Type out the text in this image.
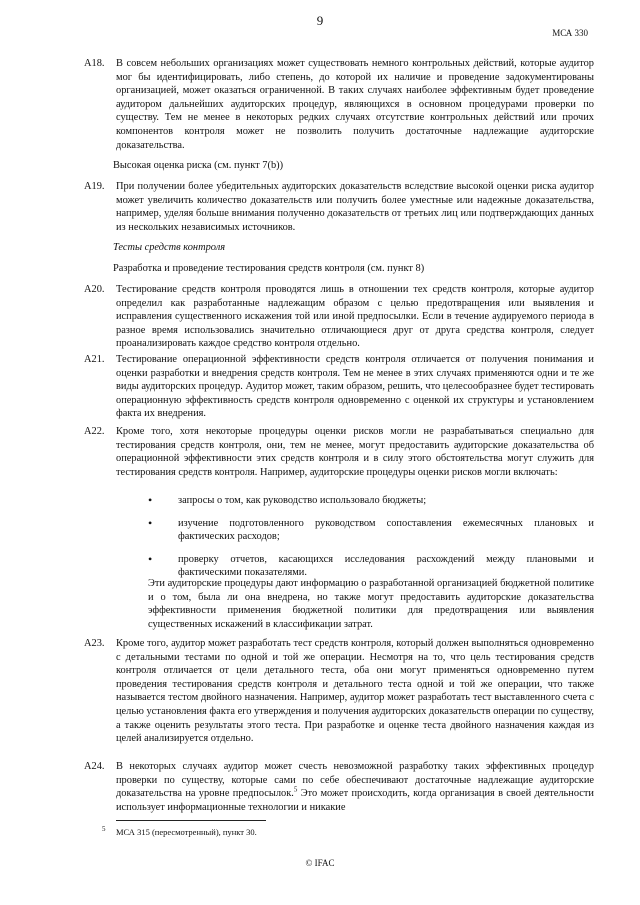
9
МСА 330
A18. В совсем небольших организациях может существовать немного контрольных действий, которые аудитор мог бы идентифицировать, либо степень, до которой их наличие и проведение задокументированы организацией, может оказаться ограниченной. В таких случаях наиболее эффективным будет проведение аудитором дальнейших аудиторских процедур, являющихся в основном процедурами проверки по существу. Тем не менее в некоторых редких случаях отсутствие контрольных действий или прочих компонентов контроля может не позволить получить достаточные надлежащие аудиторские доказательства.

Высокая оценка риска (см. пункт 7(b))
A19. При получении более убедительных аудиторских доказательств вследствие высокой оценки риска аудитор может увеличить количество доказательств или получить более уместные или надежные доказательства, например, уделяя больше внимания полученно доказательств от третьих лиц или подтверждающих данных из нескольких независимых источников.

Тесты средств контроля
Разработка и проведение тестирования средств контроля (см. пункт 8)
A20. Тестирование средств контроля проводятся лишь в отношении тех средств контроля, которые аудитор определил как разработанные надлежащим образом с целью предотвращения или выявления и исправления существенного искажения той или иной предпосылки. Если в течение аудируемого периода в разное время использовались значительно отличающиеся друг от друга средства контроля, следует проанализировать каждое средство контроля отдельно.

A21. Тестирование операционной эффективности средств контроля отличается от получения понимания и оценки разработки и внедрения средств контроля. Тем не менее в этих случаях применяются одни и те же виды аудиторских процедур. Аудитор может, таким образом, решить, что целесообразнее будет тестировать операционную эффективность средств контроля одновременно с оценкой их структуры и установлением факта их внедрения.

A22. Кроме того, хотя некоторые процедуры оценки рисков могли не разрабатываться специально для тестирования средств контроля, они, тем не менее, могут предоставить аудиторские доказательства об операционной эффективности этих средств контроля и в силу этого обстоятельства могут служить для тестирования средств контроля. Например, аудиторские процедуры оценки рисков могли включать:

• запросы о том, как руководство использовало бюджеты;
• изучение подготовленного руководством сопоставления ежемесячных плановых и фактических расходов;
• проверку отчетов, касающихся исследования расхождений между плановыми и фактическими показателями.
Эти аудиторские процедуры дают информацию о разработанной организацией бюджетной политике и о том, была ли она внедрена, но также могут предоставить аудиторские доказательства эффективности применения бюджетной политики для предотвращения или выявления существенных искажений в классификации затрат.
A23. Кроме того, аудитор может разработать тест средств контроля, который должен выполняться одновременно с детальными тестами по одной и той же операции. Несмотря на то, что цель тестирования средств контроля отличается от цели детального теста, оба они могут применяться одновременно путем проведения тестирования средств контроля и детального теста одной и той же операции, что также называется тестом двойного назначения. Например, аудитор может разработать тест выставленного счета с целью установления факта его утверждения и получения аудиторских доказательств операции по существу, а также оценить результаты этого теста. При разработке и оценке теста двойного назначения каждая из целей анализируется отдельно.

A24. В некоторых случаях аудитор может счесть невозможной разработку таких эффективных процедур проверки по существу, которые сами по себе обеспечивают достаточные надлежащие аудиторские доказательства на уровне предпосылок.$^5$ Это может происходить, когда организация в своей деятельности использует информационные технологии и никакие

5 МСА 315 (пересмотренный), пункт 30.
© IFAC
